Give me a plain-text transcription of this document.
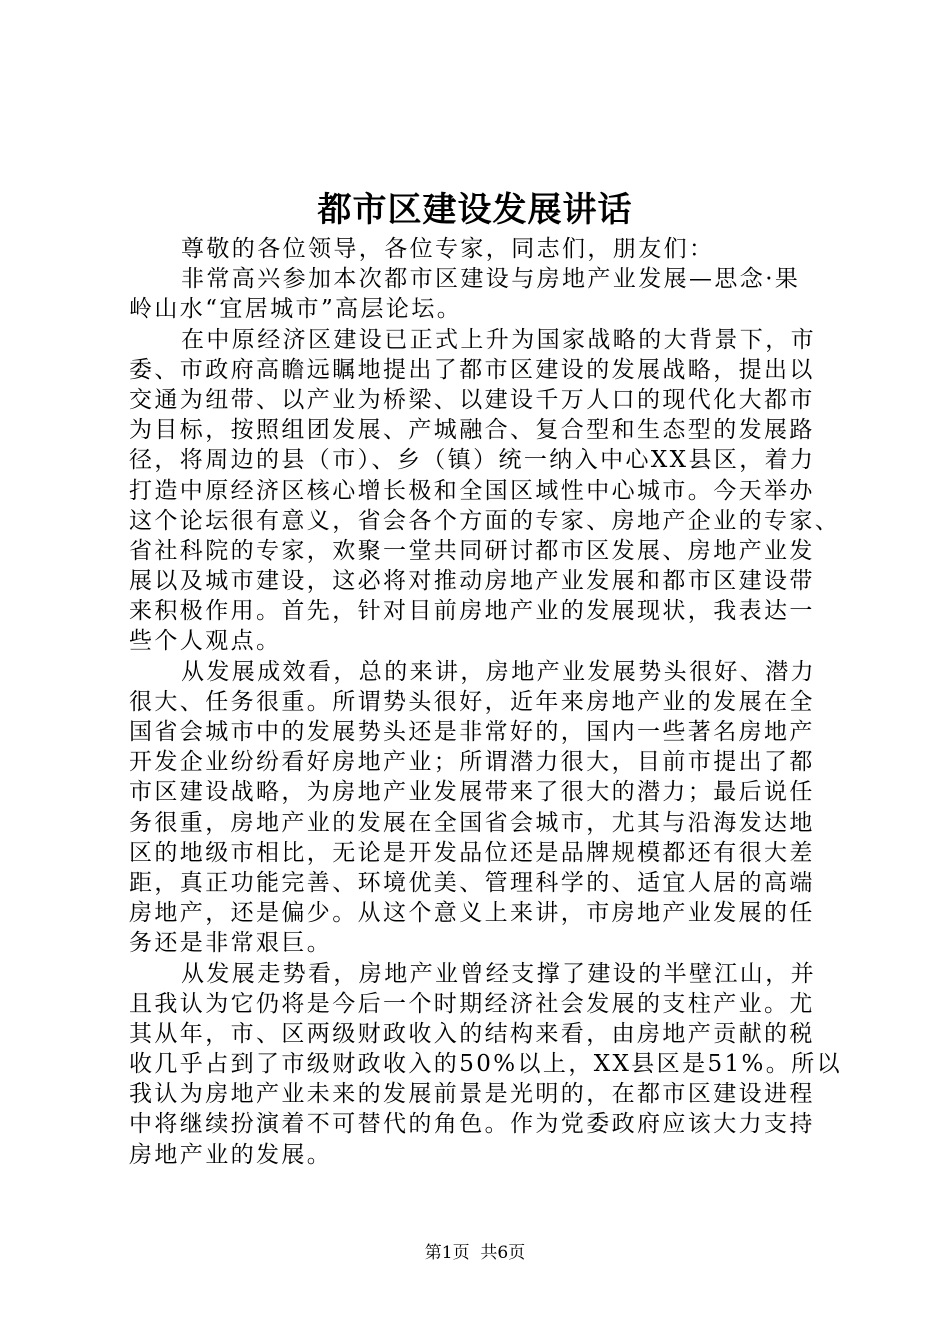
都市区建设发展讲话
尊敬的各位领导，各位专家，同志们，朋友们：
非常高兴参加本次都市区建设与房地产业发展—思念·果
岭山水“宜居城市”高层论坛。
在中原经济区建设已正式上升为国家战略的大背景下，市
委、市政府高瞻远瞩地提出了都市区建设的发展战略，提出以
交通为纽带、以产业为桥梁、以建设千万人口的现代化大都市
为目标，按照组团发展、产城融合、复合型和生态型的发展路
径，将周边的县（市）、乡（镇）统一纳入中心XX县区，着力
打造中原经济区核心增长极和全国区域性中心城市。今天举办
这个论坛很有意义，省会各个方面的专家、房地产企业的专家、
省社科院的专家，欢聚一堂共同研讨都市区发展、房地产业发
展以及城市建设，这必将对推动房地产业发展和都市区建设带
来积极作用。首先，针对目前房地产业的发展现状，我表达一
些个人观点。
从发展成效看，总的来讲，房地产业发展势头很好、潜力
很大、任务很重。所谓势头很好，近年来房地产业的发展在全
国省会城市中的发展势头还是非常好的，国内一些著名房地产
开发企业纷纷看好房地产业；所谓潜力很大，目前市提出了都
市区建设战略，为房地产业发展带来了很大的潜力；最后说任
务很重，房地产业的发展在全国省会城市，尤其与沿海发达地
区的地级市相比，无论是开发品位还是品牌规模都还有很大差
距，真正功能完善、环境优美、管理科学的、适宜人居的高端
房地产，还是偏少。从这个意义上来讲，市房地产业发展的任
务还是非常艰巨。
从发展走势看，房地产业曾经支撑了建设的半壁江山，并
且我认为它仍将是今后一个时期经济社会发展的支柱产业。尤
其从年，市、区两级财政收入的结构来看，由房地产贡献的税
收几乎占到了市级财政收入的50%以上，XX县区是51%。所以
我认为房地产业未来的发展前景是光明的，在都市区建设进程
中将继续扮演着不可替代的角色。作为党委政府应该大力支持
房地产业的发展。
第1页  共6页
